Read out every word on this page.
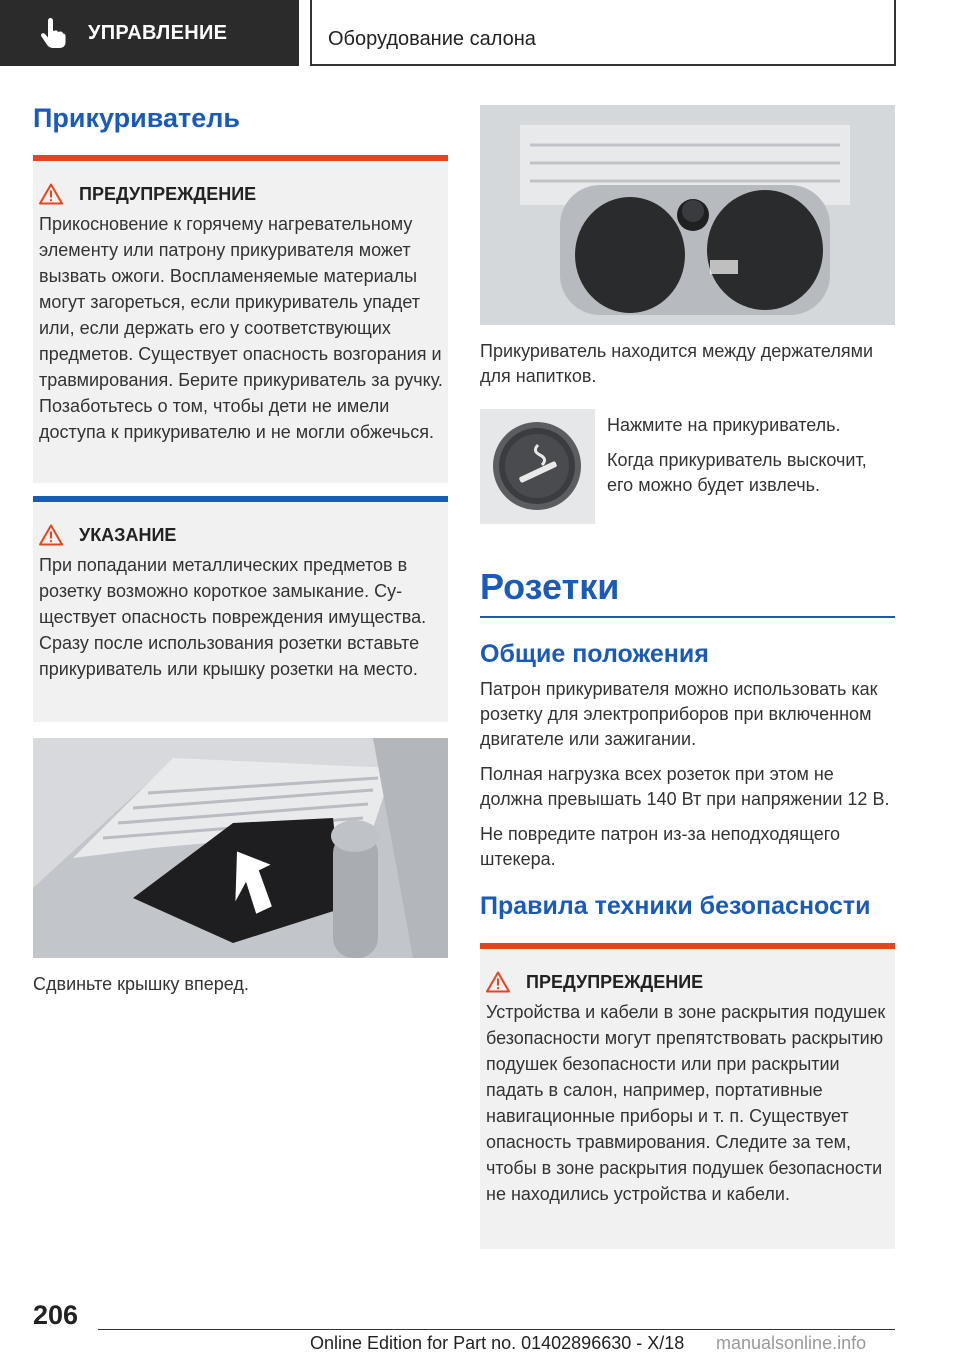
УПРАВЛЕНИЕ	Оборудование салона
Прикуриватель
ПРЕДУПРЕЖДЕНИЕ
Прикосновение к горячему нагревательному элементу или патрону прикуривателя может вызвать ожоги. Воспламеняемые материалы могут загореться, если прикуриватель упадет или, если держать его у соответствующих предметов. Существует опасность возгорания и травмирования. Берите прикуриватель за ручку. Позаботьтесь о том, чтобы дети не имели доступа к прикуривателю и не могли обжечься.
УКАЗАНИЕ
При попадании металлических предметов в розетку возможно короткое замыкание. Существует опасность повреждения имущества. Сразу после использования розетки вставьте прикуриватель или крышку розетки на место.
Сдвиньте крышку вперед.
Прикуриватель находится между держателями для напитков.
Нажмите на прикуриватель.
Когда прикуриватель выскочит, его можно будет извлечь.
Розетки
Общие положения
Патрон прикуривателя можно использовать как розетку для электроприборов при включенном двигателе или зажигании.
Полная нагрузка всех розеток при этом не должна превышать 140 Вт при напряжении 12 В.
Не повредите патрон из-за неподходящего штекера.
Правила техники безопасности
ПРЕДУПРЕЖДЕНИЕ
Устройства и кабели в зоне раскрытия подушек безопасности могут препятствовать раскрытию подушек безопасности или при раскрытии падать в салон, например, портативные навигационные приборы и т. п. Существует опасность травмирования. Следите за тем, чтобы в зоне раскрытия подушек безопасности не находились устройства и кабели.
206
Online Edition for Part no. 01402896630 - X/18 manualsonline.info
